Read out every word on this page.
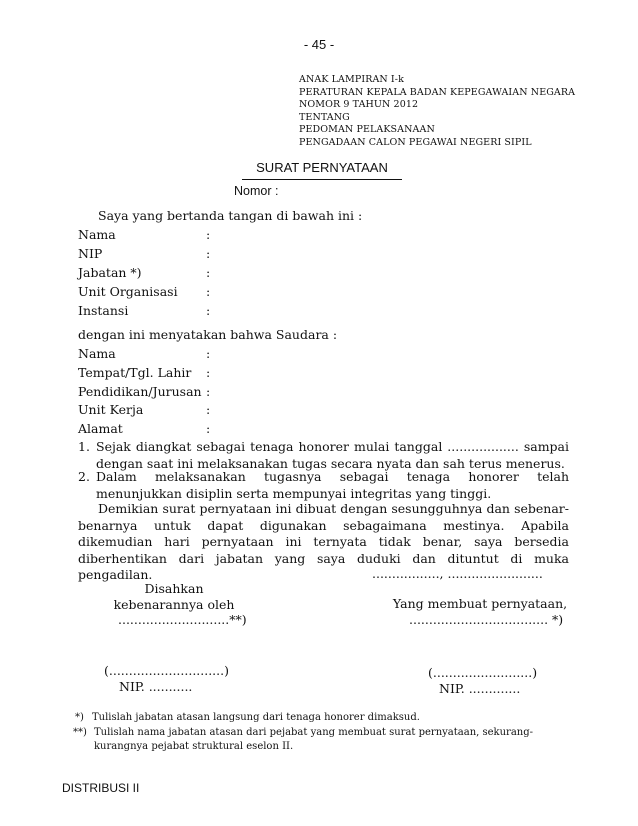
- 45 -
ANAK LAMPIRAN I-k
PERATURAN KEPALA BADAN KEPEGAWAIAN NEGARA
NOMOR 9 TAHUN 2012
TENTANG
PEDOMAN PELAKSANAAN
PENGADAAN CALON PEGAWAI NEGERI SIPIL
SURAT PERNYATAAN
Nomor :
Saya yang bertanda tangan di bawah ini :
Nama	:
NIP	:
Jabatan *)	:
Unit Organisasi :
Instansi	:
dengan ini menyatakan bahwa Saudara :
Nama	:
Tempat/Tgl. Lahir :
Pendidikan/Jurusan :
Unit Kerja	:
Alamat	:
1. Sejak diangkat sebagai tenaga honorer mulai tanggal .................. sampai dengan saat ini melaksanakan tugas secara nyata dan sah terus menerus.
2. Dalam melaksanakan tugasnya sebagai tenaga honorer telah menunjukkan disiplin serta mempunyai integritas yang tinggi.
Demikian surat pernyataan ini dibuat dengan sesungguhnya dan sebenar-benarnya untuk dapat digunakan sebagaimana mestinya. Apabila dikemudian hari pernyataan ini ternyata tidak benar, saya bersedia diberhentikan dari jabatan yang saya duduki dan dituntut di muka pengadilan.	................., ........................
Disahkan
kebenarannya oleh
............................**)
(.............................)
NIP. ...........
Yang membuat pernyataan,
................................... *)
(.........................)
NIP. .............
*) Tulislah jabatan atasan langsung dari tenaga honorer dimaksud.
**) Tulislah nama jabatan atasan dari pejabat yang membuat surat pernyataan, sekurang-kurangnya pejabat struktural eselon II.
DISTRIBUSI II
